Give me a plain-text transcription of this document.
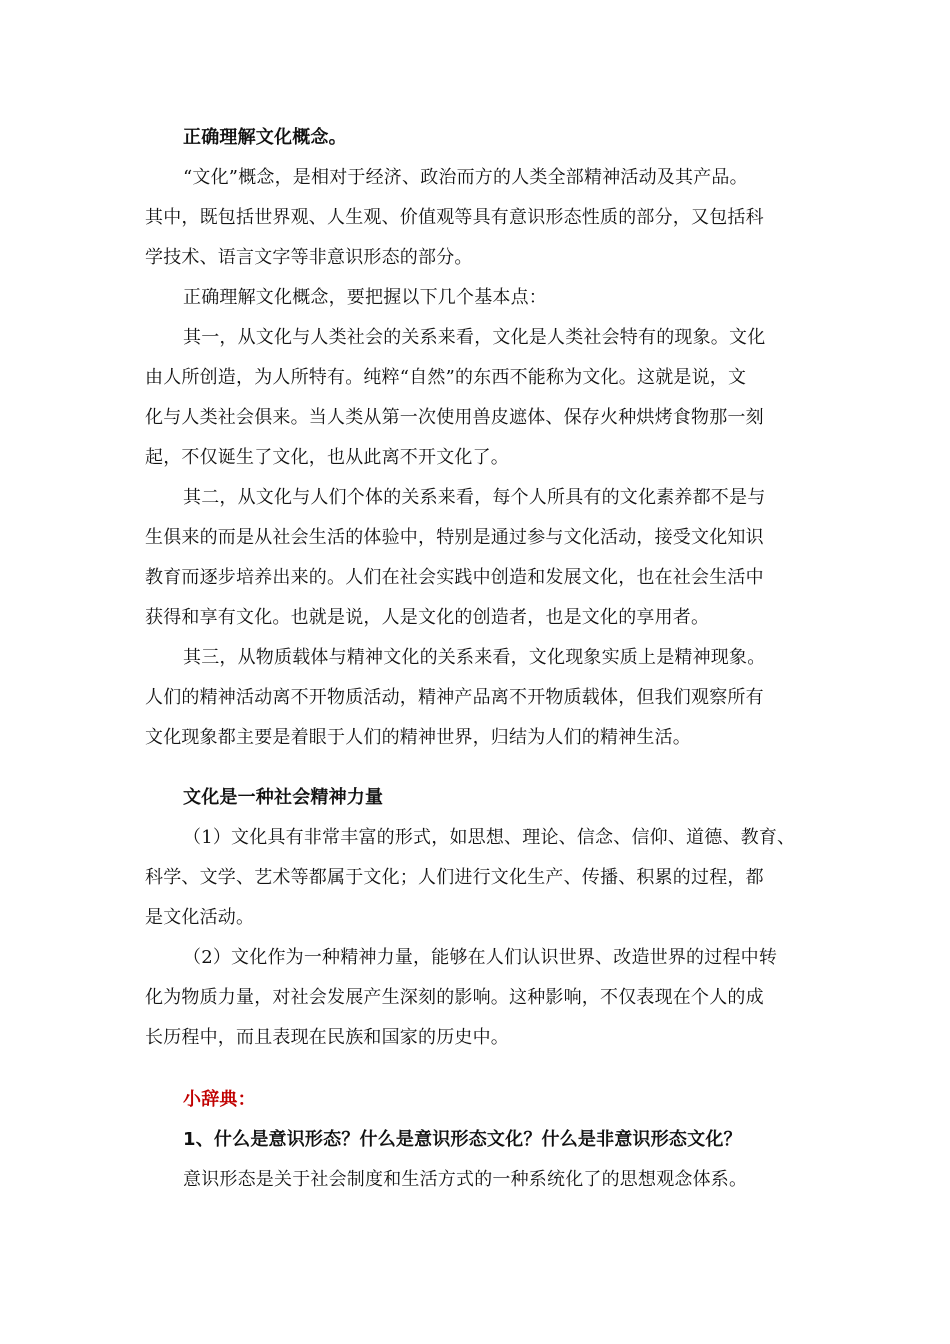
正确理解文化概念。
“文化”概念，是相对于经济、政治而方的人类全部精神活动及其产品。
其中，既包括世界观、人生观、价值观等具有意识形态性质的部分，又包括科
学技术、语言文字等非意识形态的部分。
正确理解文化概念，要把握以下几个基本点：
其一，从文化与人类社会的关系来看，文化是人类社会特有的现象。文化
由人所创造，为人所特有。纯粹“自然”的东西不能称为文化。这就是说，文
化与人类社会俱来。当人类从第一次使用兽皮遮体、保存火种烘烤食物那一刻
起，不仅诞生了文化，也从此离不开文化了。
其二，从文化与人们个体的关系来看，每个人所具有的文化素养都不是与
生俱来的而是从社会生活的体验中，特别是通过参与文化活动，接受文化知识
教育而逐步培养出来的。人们在社会实践中创造和发展文化，也在社会生活中
获得和享有文化。也就是说，人是文化的创造者，也是文化的享用者。
其三，从物质载体与精神文化的关系来看，文化现象实质上是精神现象。
人们的精神活动离不开物质活动，精神产品离不开物质载体，但我们观察所有
文化现象都主要是着眼于人们的精神世界，归结为人们的精神生活。
文化是一种社会精神力量
（1）文化具有非常丰富的形式，如思想、理论、信念、信仰、道德、教育、
科学、文学、艺术等都属于文化；人们进行文化生产、传播、积累的过程，都
是文化活动。
（2）文化作为一种精神力量，能够在人们认识世界、改造世界的过程中转
化为物质力量，对社会发展产生深刻的影响。这种影响，不仅表现在个人的成
长历程中，而且表现在民族和国家的历史中。
小辞典：
1、什么是意识形态？什么是意识形态文化？什么是非意识形态文化？
意识形态是关于社会制度和生活方式的一种系统化了的思想观念体系。
